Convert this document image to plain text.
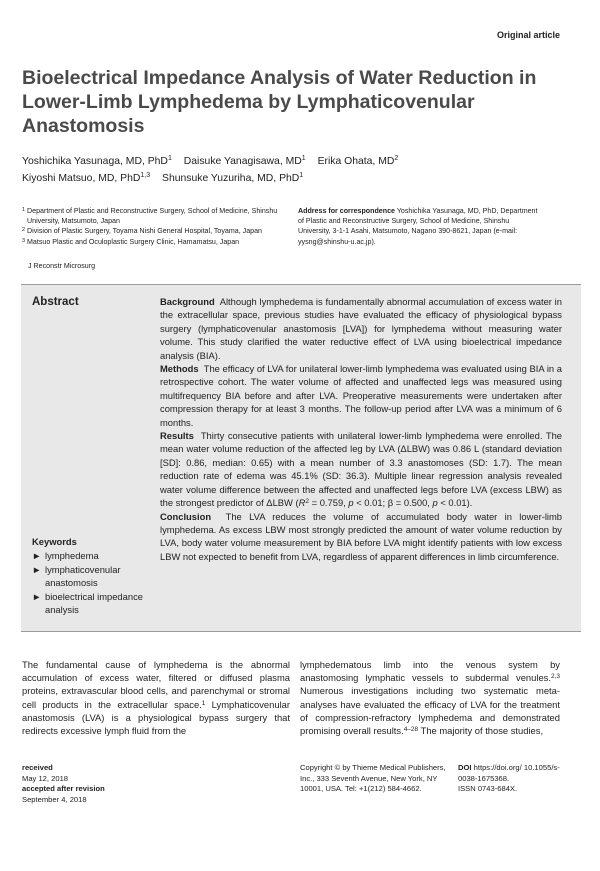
Original article
Bioelectrical Impedance Analysis of Water Reduction in Lower-Limb Lymphedema by Lymphaticovenular Anastomosis
Yoshichika Yasunaga, MD, PhD$^1$ Daisuke Yanagisawa, $MD^1$ Erika Ohata, $MD^2$
Kiyoshi Matsuo, MD, PhD$^{1,3}$ Shunsuke Yuzuriha, MD, PhD$^1$
1 Department of Plastic and Reconstructive Surgery, School of Medicine, Shinshu University, Matsumoto, Japan
2 Division of Plastic Surgery, Toyama Nishi General Hospital, Toyama, Japan
3 Matsuo Plastic and Oculoplastic Surgery Clinic, Hamamatsu, Japan
Address for correspondence Yoshichika Yasunaga, MD, PhD, Department of Plastic and Reconstructive Surgery, School of Medicine, Shinshu University, 3-1-1 Asahi, Matsumoto, Nagano 390-8621, Japan (e-mail: yysng@shinshu-u.ac.jp).
J Reconstr Microsurg
Abstract	Background Although lymphedema is fundamentally abnormal accumulation of excess water in the extracellular space, previous studies have evaluated the efficacy of physiological bypass surgery (lymphaticovenular anastomosis [LVA]) for lymphedema without measuring water volume. This study clarified the water reductive effect of LVA using bioelectrical impedance analysis (BIA).
Methods The efficacy of LVA for unilateral lower-limb lymphedema was evaluated using BIA in a retrospective cohort. The water volume of affected and unaffected legs was measured using multifrequency BIA before and after LVA. Preoperative measurements were undertaken after compression therapy for at least 3 months. The follow-up period after LVA was a minimum of 6 months.
Results Thirty consecutive patients with unilateral lower-limb lymphedema were enrolled. The mean water volume reduction of the affected leg by LVA (ΔLBW) was 0.86 L (standard deviation [SD]: 0.86, median: 0.65) with a mean number of 3.3 anastomoses (SD: 1.7). The mean reduction rate of edema was 45.1% (SD: 36.3). Multiple linear regression analysis revealed water volume difference between the affected and unaffected legs before LVA (excess LBW) as the strongest predictor of ΔLBW ($R^2 = 0.759$, p < 0.01; β = 0.500, p < 0.01).
Conclusion The LVA reduces the volume of accumulated body water in lower-limb lymphedema. As excess LBW most strongly predicted the amount of water volume reduction by LVA, body water volume measurement by BIA before LVA might identify patients with low excess LBW not expected to benefit from LVA, regardless of apparent differences in limb circumference.
Keywords
► lymphedema
► lymphaticovenular anastomosis
► bioelectrical impedance analysis
The fundamental cause of lymphedema is the abnormal accumulation of excess water, filtered or diffused plasma proteins, extravascular blood cells, and parenchymal or stromal cell products in the extracellular space.$^1$ Lymphaticovenular anastomosis (LVA) is a physiological bypass surgery that redirects excessive lymph fluid from the
lymphedematous limb into the venous system by anastomosing lymphatic vessels to subdermal venules.$^{2,3}$ Numerous investigations including two systematic meta-analyses have evaluated the efficacy of LVA for the treatment of compression-refractory lymphedema and demonstrated promising overall results.$^{4-28}$ The majority of those studies,
received
May 12, 2018
accepted after revision
September 4, 2018
Copyright © by Thieme Medical Publishers, Inc., 333 Seventh Avenue, New York, NY 10001, USA. Tel: +1(212) 584-4662.
DOI https://doi.org/ 10.1055/s-0038-1675368.
ISSN 0743-684X.
